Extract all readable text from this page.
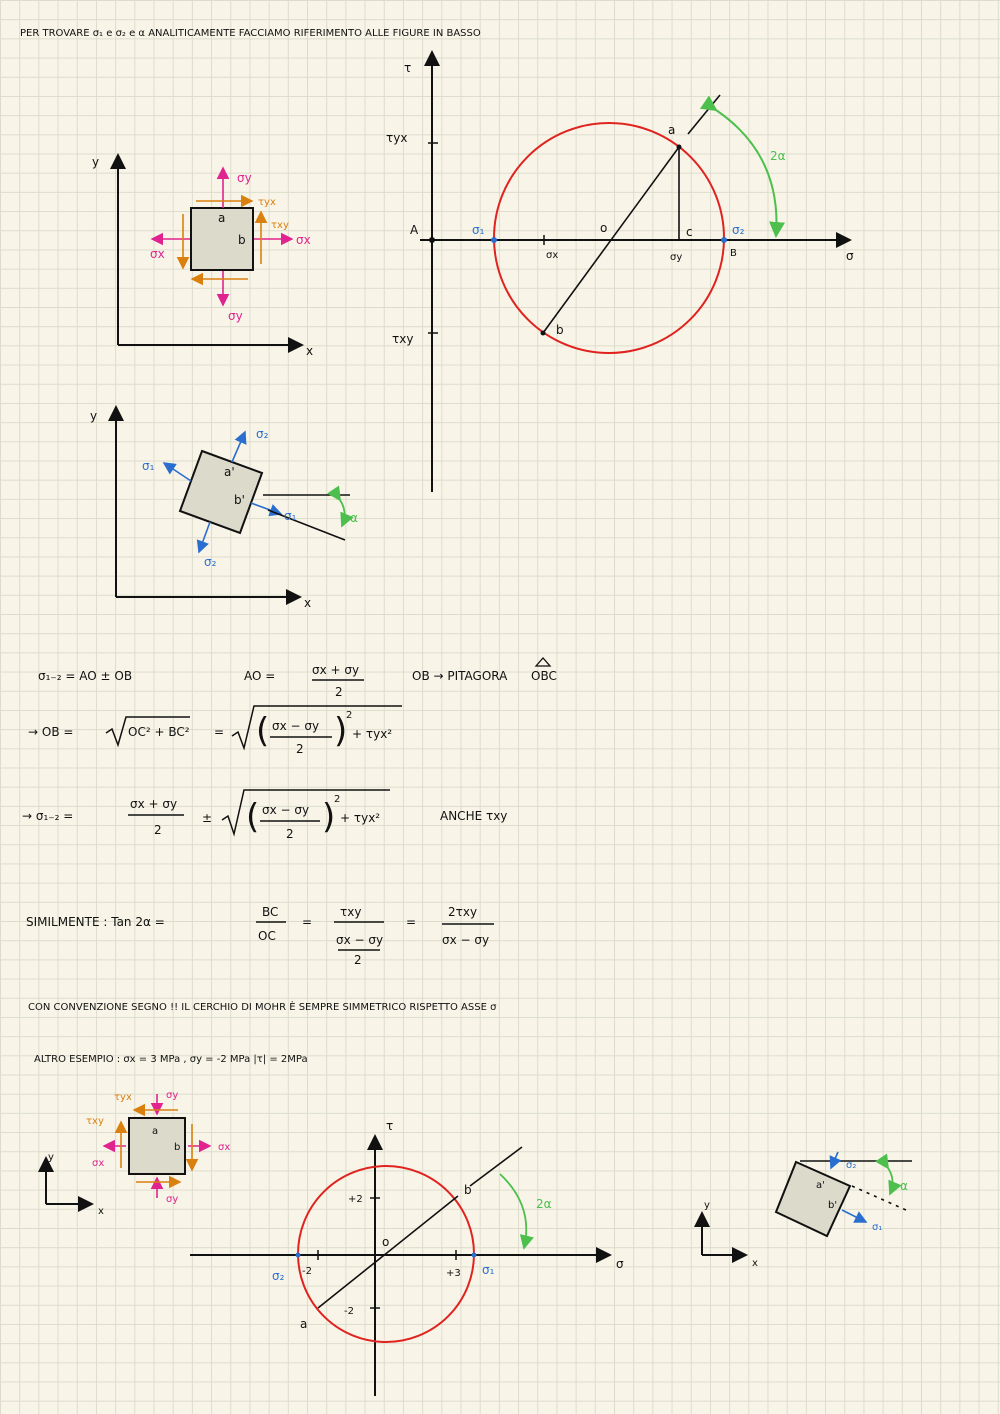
PER TROVARE σ₁ e σ₂ e α ANALITICAMENTE FACCIAMO RIFERIMENTO ALLE FIGURE IN BASSO
τ
σ
τyx
τxy
A	σ₁	o
σx	σy
c	σ₂
B
a
b
2α
y
x
σy
σy
σx
σx
τyx
τxy
a
b
y
x
σ₂
σ₂
σ₁
σ₁
a'
b'
α
σ₁₋₂ = AO ± OB	AO =	σx + σy
2
OB → PITAGORA OBC
→ OB =	OC² + BC² = ( σx − σy
2 )
2
+ τyx²
→ σ₁₋₂ =
σx + σy
2
± ( σx − σy
2 )
2
+ τyx²	ANCHE τxy
SIMILMENTE : Tan 2α =
BC
OC
=
τxy
σx − σy
2
=
2τxy
σx − σy
CON CONVENZIONE SEGNO !! IL CERCHIO DI MOHR È SEMPRE SIMMETRICO RISPETTO ASSE σ
ALTRO ESEMPIO : σx = 3 MPa , σy = -2 MPa |τ| = 2MPa
y
x
σy
σy
σx
σx
τyx
τxy
a
b
τ
σ
+2
-2
+3
-2
o
σ₁
σ₂
a
b
2α	y
x
σ₂
σ₁
a'
b'
α
